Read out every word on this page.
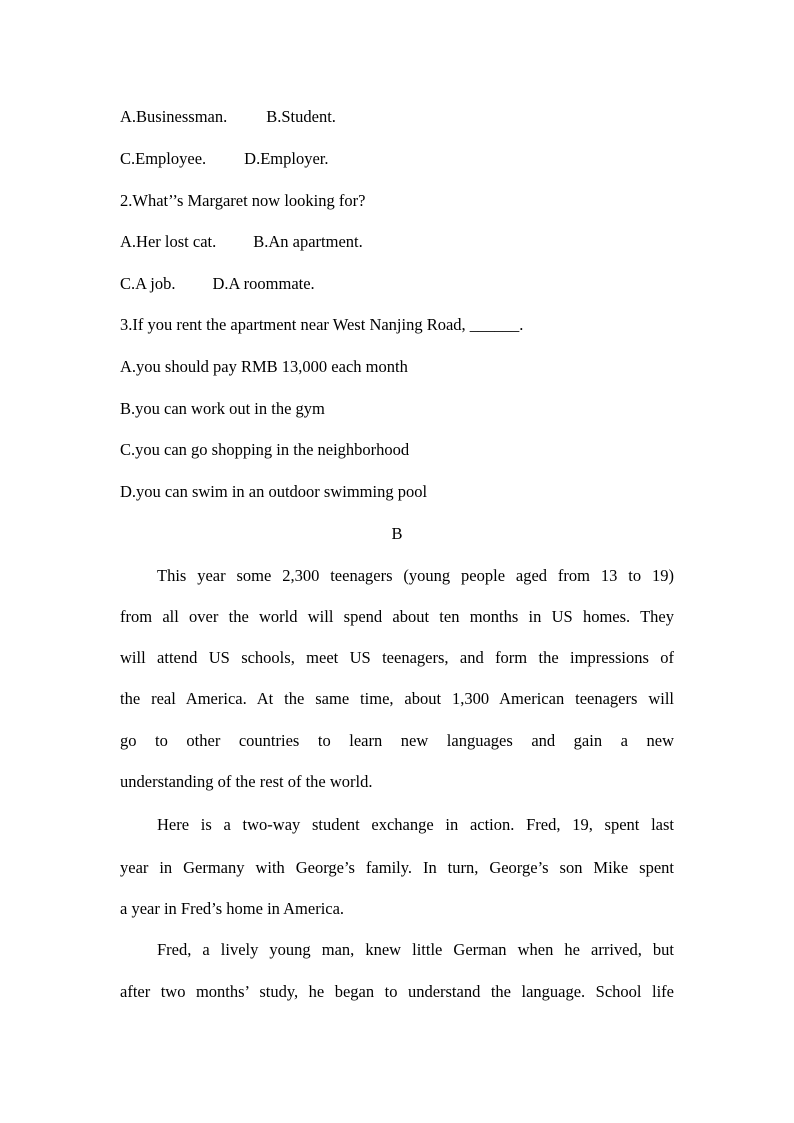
A.Businessman. B.Student.
C.Employee. D.Employer.
2.What’’s Margaret now looking for?
A.Her lost cat. B.An apartment.
C.A job. D.A roommate.
3.If you rent the apartment near West Nanjing Road, ______.
A.you should pay RMB 13,000 each month
B.you can work out in the gym
C.you can go shopping in the neighborhood
D.you can swim in an outdoor swimming pool
B
This year some 2,300 teenagers (young people aged from 13 to 19)
from all over the world will spend about ten months in US homes. They
will attend US schools, meet US teenagers, and form the impressions of
the real America. At the same time, about 1,300 American teenagers will
go to other countries to learn new languages and gain a new
understanding of the rest of the world.
Here is a two-way student exchange in action. Fred, 19, spent last
year in Germany with George’s family. In turn, George’s son Mike spent
a year in Fred’s home in America.
Fred, a lively young man, knew little German when he arrived, but
after two months’ study, he began to understand the language. School life
